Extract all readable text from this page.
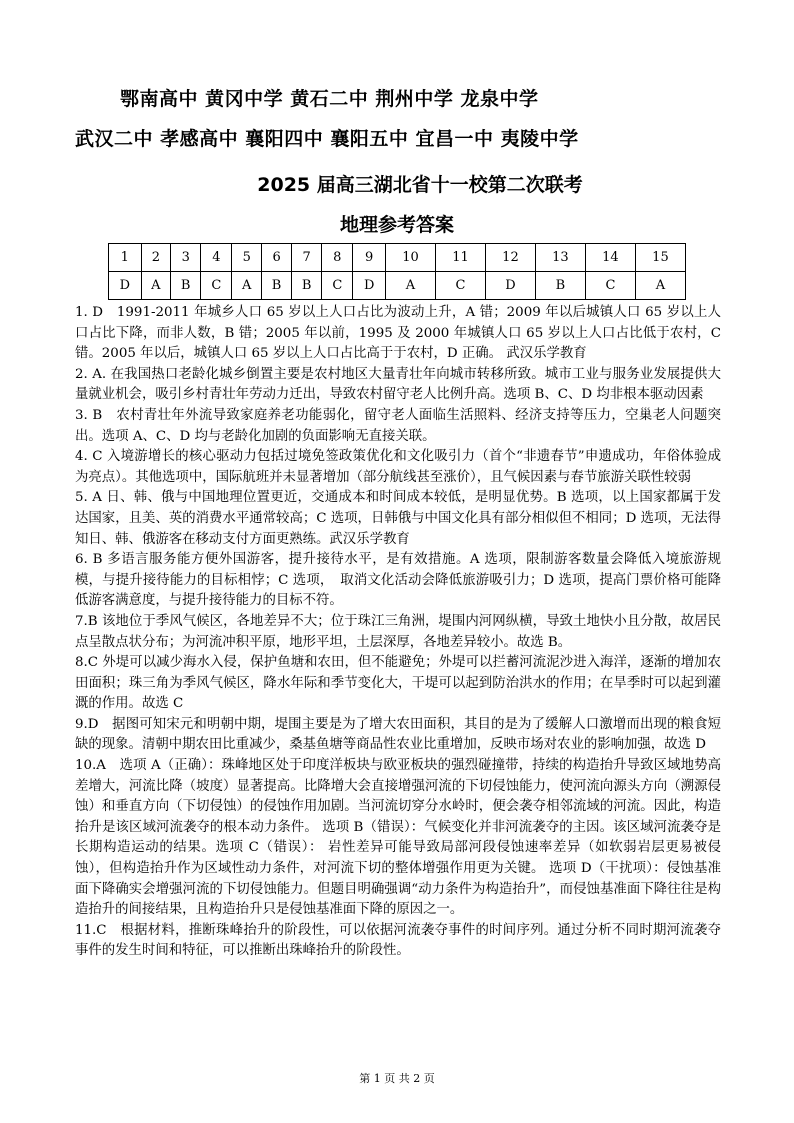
鄂南高中 黄冈中学 黄石二中 荆州中学 龙泉中学
武汉二中 孝感高中 襄阳四中 襄阳五中 宜昌一中 夷陵中学
2025 届高三湖北省十一校第二次联考
地理参考答案
1	2	3	4	5	6	7	8	9	10	11	12	13	14	15
D	A	B	C	A	B	B	C	D	A	C	D	B	C	A

1. D　1991-2011 年城乡人口 65 岁以上人口占比为波动上升，A 错；2009 年以后城镇人口 65 岁以上人口占比下降，而非人数，B 错；2005 年以前，1995 及 2000 年城镇人口 65 岁以上人口占比低于农村，C 错。2005 年以后，城镇人口 65 岁以上人口占比高于于农村，D 正确。 武汉乐学教育

2. A. 在我国热口老龄化城乡倒置主要是农村地区大量青壮年向城市转移所致。城市工业与服务业发展提供大量就业机会，吸引乡村青壮年劳动力迁出，导致农村留守老人比例升高。选项 B、C、D 均非根本驱动因素

3. B　农村青壮年外流导致家庭养老功能弱化，留守老人面临生活照料、经济支持等压力，空巢老人问题突出。选项 A、C、D 均与老龄化加剧的负面影响无直接关联。

4. C 入境游增长的核心驱动力包括过境免签政策优化和文化吸引力（首个“非遗春节”申遗成功，年俗体验成为亮点）。其他选项中，国际航班并未显著增加（部分航线甚至涨价），且气候因素与春节旅游关联性较弱

5. A 日、韩、俄与中国地理位置更近，交通成本和时间成本较低，是明显优势。B 选项，以上国家都属于发达国家，且美、英的消费水平通常较高；C 选项，日韩俄与中国文化具有部分相似但不相同；D 选项，无法得知日、韩、俄游客在移动支付方面更熟练。武汉乐学教育

6. B 多语言服务能方便外国游客，提升接待水平，是有效措施。A 选项，限制游客数量会降低入境旅游规模，与提升接待能力的目标相悖；C 选项，　取消文化活动会降低旅游吸引力；D 选项，提高门票价格可能降低游客满意度，与提升接待能力的目标不符。

7.B 该地位于季风气候区，各地差异不大；位于珠江三角洲，堤围内河网纵横，导致土地快小且分散，故居民点呈散点状分布；为河流冲积平原，地形平坦，土层深厚，各地差异较小。故选 B。

8.C 外堤可以减少海水入侵，保护鱼塘和农田，但不能避免；外堤可以拦蓄河流泥沙进入海洋，逐渐的增加农田面积；珠三角为季风气候区，降水年际和季节变化大，干堤可以起到防治洪水的作用；在旱季时可以起到灌溉的作用。故选 C

9.D　据图可知宋元和明朝中期，堤围主要是为了增大农田面积，其目的是为了缓解人口激增而出现的粮食短缺的现象。清朝中期农田比重减少，桑基鱼塘等商品性农业比重增加，反映市场对农业的影响加强，故选 D

10.A　选项 A（正确）：珠峰地区处于印度洋板块与欧亚板块的强烈碰撞带，持续的构造抬升导致区域地势高差增大，河流比降（坡度）显著提高。比降增大会直接增强河流的下切侵蚀能力，使河流向源头方向（溯源侵蚀）和垂直方向（下切侵蚀）的侵蚀作用加剧。当河流切穿分水岭时，便会袭夺相邻流域的河流。因此，构造抬升是该区域河流袭夺的根本动力条件。 选项 B（错误）：气候变化并非河流袭夺的主因。该区域河流袭夺是长期构造运动的结果。选项 C（错误）： 岩性差异可能导致局部河段侵蚀速率差异（如软弱岩层更易被侵蚀），但构造抬升作为区域性动力条件，对河流下切的整体增强作用更为关键。 选项 D（干扰项）：侵蚀基准面下降确实会增强河流的下切侵蚀能力。但题目明确强调“动力条件为构造抬升”，而侵蚀基准面下降往往是构造抬升的间接结果，且构造抬升只是侵蚀基准面下降的原因之一。

11.C　根据材料，推断珠峰抬升的阶段性，可以依据河流袭夺事件的时间序列。通过分析不同时期河流袭夺事件的发生时间和特征，可以推断出珠峰抬升的阶段性。

第 1 页 共 2 页
